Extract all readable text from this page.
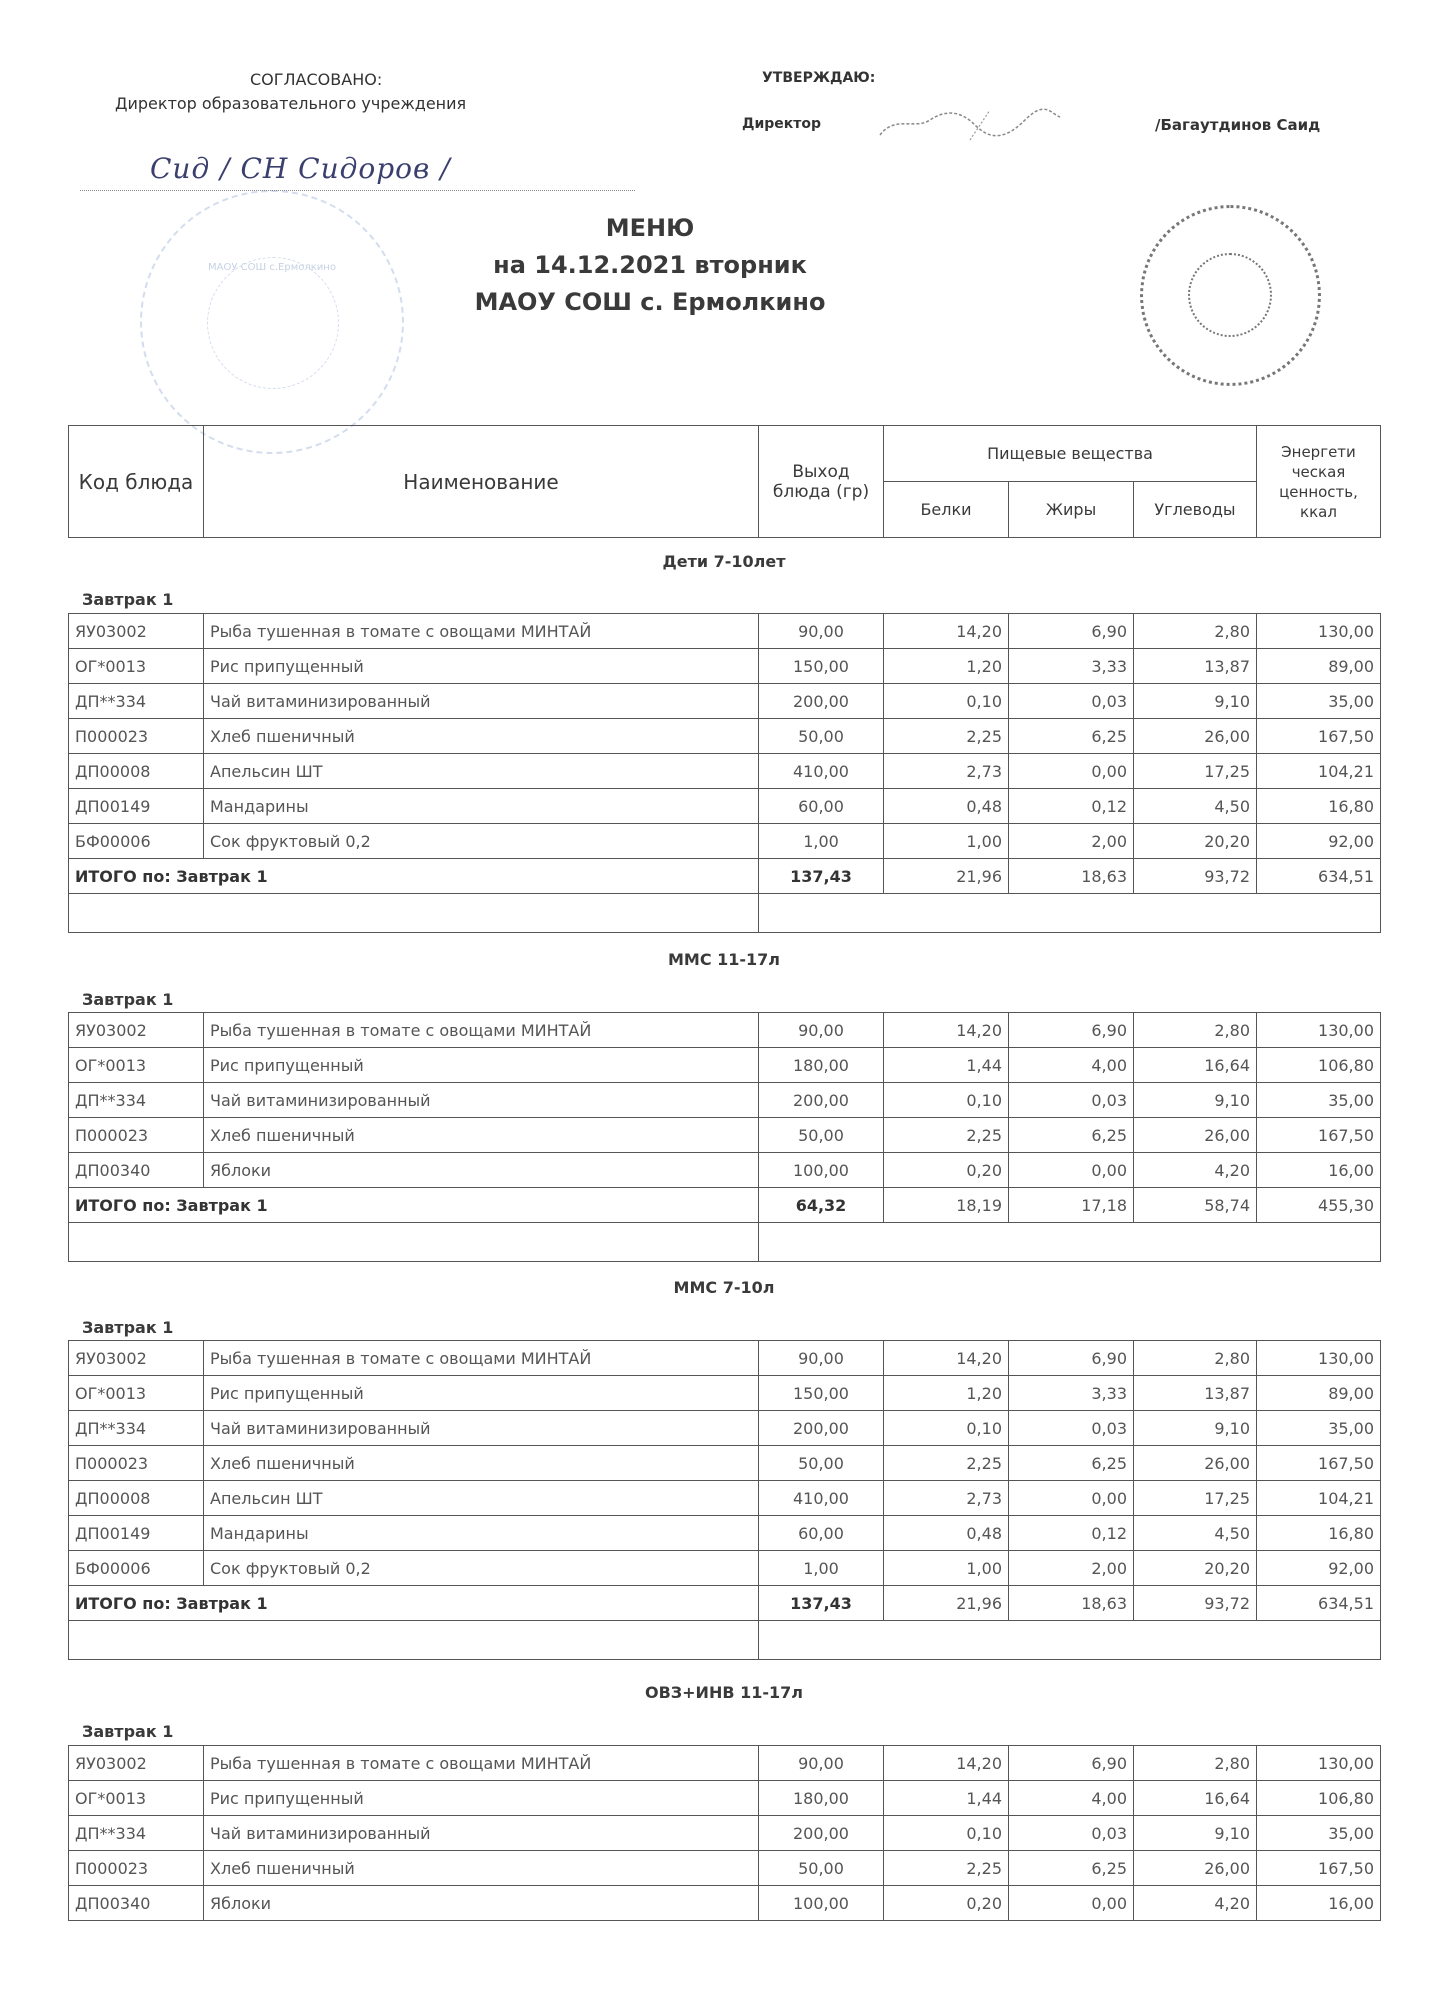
МАОУ СОШ с.Ермолкино
СОГЛАСОВАНО:
Директор образовательного учреждения
Сид / СН Сидоров /
УТВЕРЖДАЮ:
Директор	/Багаутдинов Саид
МЕНЮ
на 14.12.2021 вторник
МАОУ СОШ с. Ермолкино
Код блюда	Наименование	Выход блюда (гр)	Пищевые вещества			Энергети ческая ценность, ккал
			Белки	Жиры	Углеводы	
Дети 7-10лет
Завтрак 1
ЯУ03002	Рыба тушенная в томате с овощами МИНТАЙ	90,00	14,20	6,90	2,80	130,00
ОГ*0013	Рис припущенный	150,00	1,20	3,33	13,87	89,00
ДП**334	Чай витаминизированный	200,00	0,10	0,03	9,10	35,00
П000023	Хлеб пшеничный	50,00	2,25	6,25	26,00	167,50
ДП00008	Апельсин ШТ	410,00	2,73	0,00	17,25	104,21
ДП00149	Мандарины	60,00	0,48	0,12	4,50	16,80
БФ00006	Сок фруктовый 0,2	1,00	1,00	2,00	20,20	92,00
ИТОГО по: Завтрак 1		137,43	21,96	18,63	93,72	634,51

ММС 11-17л
Завтрак 1
ЯУ03002	Рыба тушенная в томате с овощами МИНТАЙ	90,00	14,20	6,90	2,80	130,00
ОГ*0013	Рис припущенный	180,00	1,44	4,00	16,64	106,80
ДП**334	Чай витаминизированный	200,00	0,10	0,03	9,10	35,00
П000023	Хлеб пшеничный	50,00	2,25	6,25	26,00	167,50
ДП00340	Яблоки	100,00	0,20	0,00	4,20	16,00
ИТОГО по: Завтрак 1		64,32	18,19	17,18	58,74	455,30

ММС 7-10л
Завтрак 1
ЯУ03002	Рыба тушенная в томате с овощами МИНТАЙ	90,00	14,20	6,90	2,80	130,00
ОГ*0013	Рис припущенный	150,00	1,20	3,33	13,87	89,00
ДП**334	Чай витаминизированный	200,00	0,10	0,03	9,10	35,00
П000023	Хлеб пшеничный	50,00	2,25	6,25	26,00	167,50
ДП00008	Апельсин ШТ	410,00	2,73	0,00	17,25	104,21
ДП00149	Мандарины	60,00	0,48	0,12	4,50	16,80
БФ00006	Сок фруктовый 0,2	1,00	1,00	2,00	20,20	92,00
ИТОГО по: Завтрак 1		137,43	21,96	18,63	93,72	634,51

ОВЗ+ИНВ 11-17л
Завтрак 1
ЯУ03002	Рыба тушенная в томате с овощами МИНТАЙ	90,00	14,20	6,90	2,80	130,00
ОГ*0013	Рис припущенный	180,00	1,44	4,00	16,64	106,80
ДП**334	Чай витаминизированный	200,00	0,10	0,03	9,10	35,00
П000023	Хлеб пшеничный	50,00	2,25	6,25	26,00	167,50
ДП00340	Яблоки	100,00	0,20	0,00	4,20	16,00
